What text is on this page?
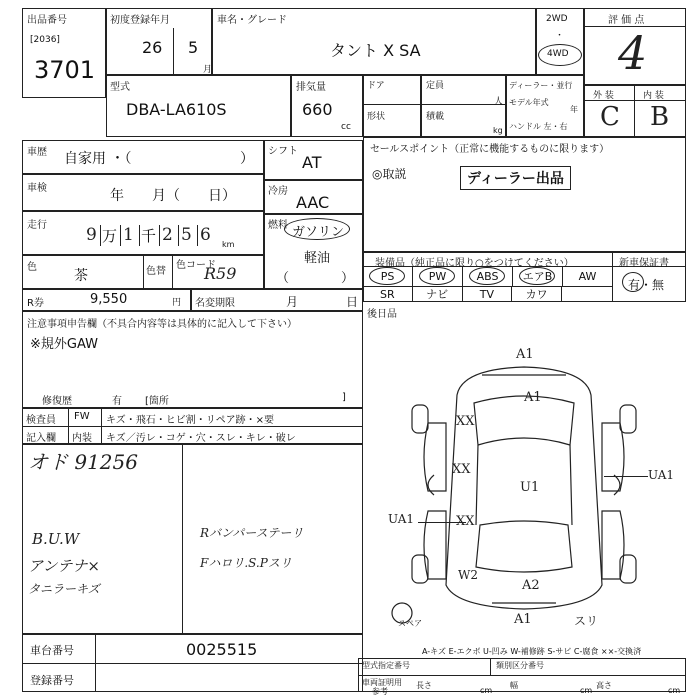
出品番号
[2036]
3701
初度登録年月
26 5
月
車名・グレード
タント X SA
2WD
・
4WD
評 価 点
4
型式
DBA-LA610S
排気量
660
cc
ドア
形状
定員
人
積載
kg
ディーラー・並行
モデル年式
年
ハンドル 左・右
外 装	内 装
C B
車歴 自家用 ・（	） シフト
AT
車検	年　　月（　　日）	冷房
AAC
走行 9 万 1 千 2 5 6	km
燃料 ガソリン
軽油
（　　　　）
色
茶	色替
色コード
R59
R券	9,550	円 名変期限	月　　　　日
注意事項申告欄（不具合内容等は具体的に記入して下さい）
※規外GAW
修復歴	有 [箇所	]
検査員
記入欄
FW キズ・飛石・ヒビ割・リペア跡・×要
内装 キズ／汚レ・コゲ・穴・スレ・キレ・破レ
オド 91256
B.U.W
アンテナ×
タニラーキズ
Rバンパーステーリ
Fハロリ.S.Pスリ
セールスポイント（正常に機能するものに限ります）
◎取説	ディーラー出品
装備品（純正品に限り○をつけてください）	新車保証書
有・無
PS	PW	ABS	エアB	AW
SR	ナビ	TV	カワ
後日品
A1
A1
XX
XX
U1
UA1
UA1	XX
A2
W2
A1	スリ
スペア
A-キズ E-エクボ U-凹み W-補修跡 S-サビ C-腐食 ××-交換済
車台番号	0025515
登録番号
型式指定番号	類別区分番号
車両証明用
参考
長さ
cm
幅
cm
高さ
cm
